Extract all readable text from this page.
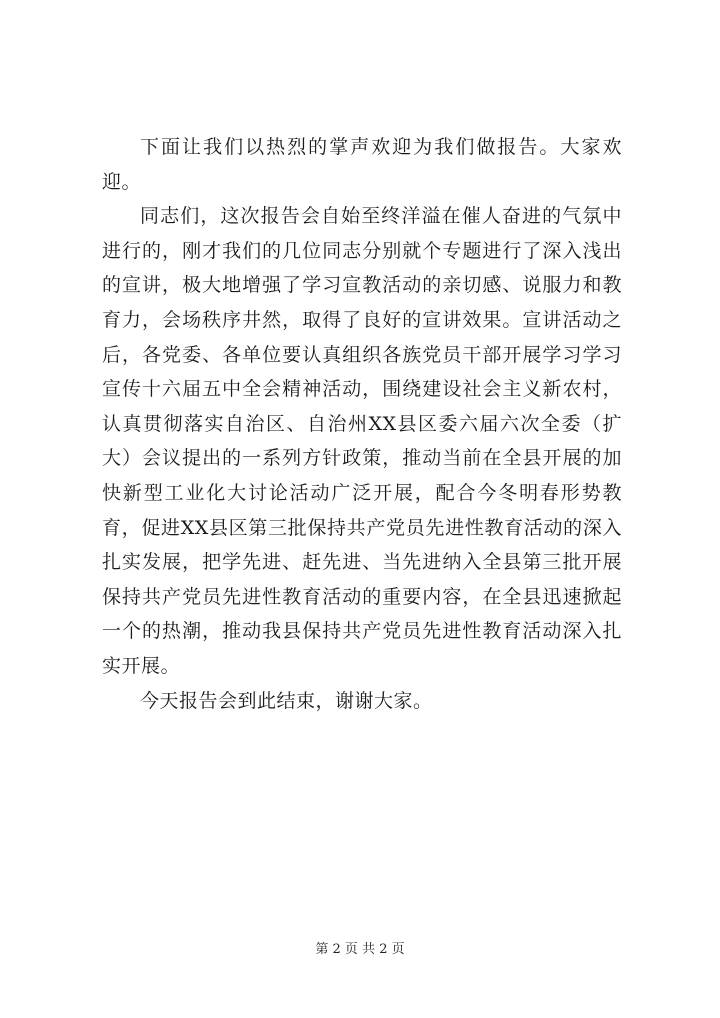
下面让我们以热烈的掌声欢迎为我们做报告。大家欢迎。

同志们，这次报告会自始至终洋溢在催人奋进的气氛中进行的，刚才我们的几位同志分别就个专题进行了深入浅出的宣讲，极大地增强了学习宣教活动的亲切感、说服力和教育力，会场秩序井然，取得了良好的宣讲效果。宣讲活动之后，各党委、各单位要认真组织各族党员干部开展学习学习宣传十六届五中全会精神活动，围绕建设社会主义新农村，认真贯彻落实自治区、自治州XX县区委六届六次全委（扩大）会议提出的一系列方针政策，推动当前在全县开展的加快新型工业化大讨论活动广泛开展，配合今冬明春形势教育，促进XX县区第三批保持共产党员先进性教育活动的深入扎实发展，把学先进、赶先进、当先进纳入全县第三批开展保持共产党员先进性教育活动的重要内容，在全县迅速掀起一个的热潮，推动我县保持共产党员先进性教育活动深入扎实开展。

今天报告会到此结束，谢谢大家。

第 2 页 共 2 页
